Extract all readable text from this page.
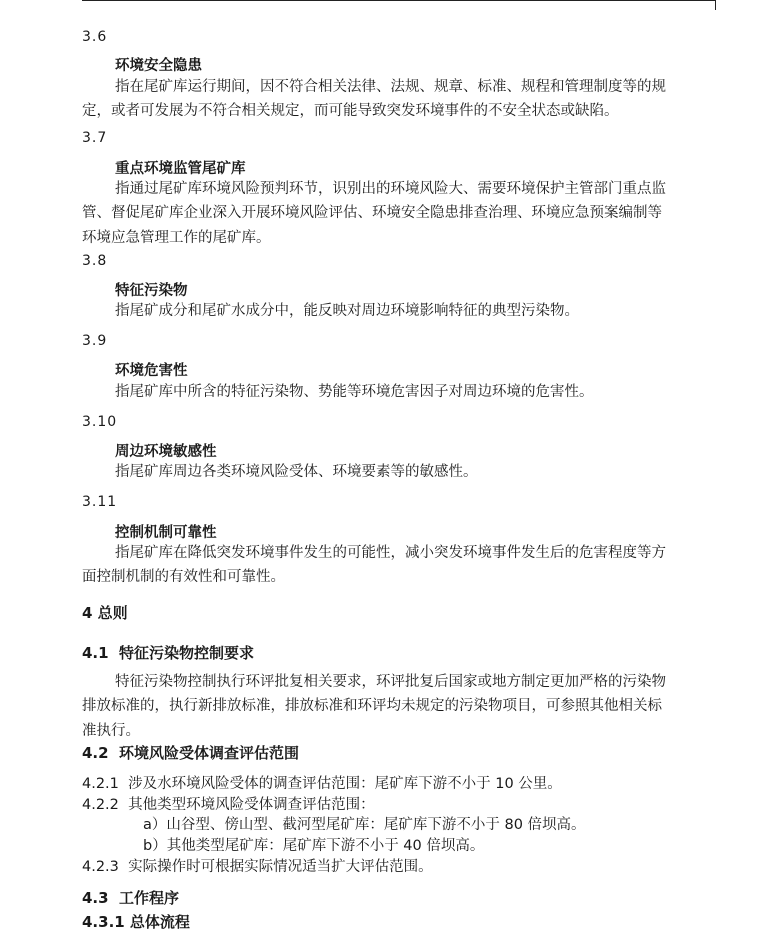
3.6
环境安全隐患
指在尾矿库运行期间，因不符合相关法律、法规、规章、标准、规程和管理制度等的规
定，或者可发展为不符合相关规定，而可能导致突发环境事件的不安全状态或缺陷。
3.7
重点环境监管尾矿库
指通过尾矿库环境风险预判环节，识别出的环境风险大、需要环境保护主管部门重点监
管、督促尾矿库企业深入开展环境风险评估、环境安全隐患排查治理、环境应急预案编制等
环境应急管理工作的尾矿库。
3.8
特征污染物
指尾矿成分和尾矿水成分中，能反映对周边环境影响特征的典型污染物。
3.9
环境危害性
指尾矿库中所含的特征污染物、势能等环境危害因子对周边环境的危害性。
3.10
周边环境敏感性
指尾矿库周边各类环境风险受体、环境要素等的敏感性。
3.11
控制机制可靠性
指尾矿库在降低突发环境事件发生的可能性，减小突发环境事件发生后的危害程度等方
面控制机制的有效性和可靠性。
4 总则
4.1 特征污染物控制要求
特征污染物控制执行环评批复相关要求，环评批复后国家或地方制定更加严格的污染物
排放标准的，执行新排放标准，排放标准和环评均未规定的污染物项目，可参照其他相关标
准执行。
4.2 环境风险受体调查评估范围
4.2.1 涉及水环境风险受体的调查评估范围：尾矿库下游不小于 10 公里。
4.2.2 其他类型环境风险受体调查评估范围：
a）山谷型、傍山型、截河型尾矿库：尾矿库下游不小于 80 倍坝高。
b）其他类型尾矿库：尾矿库下游不小于 40 倍坝高。
4.2.3 实际操作时可根据实际情况适当扩大评估范围。
4.3 工作程序
4.3.1 总体流程
